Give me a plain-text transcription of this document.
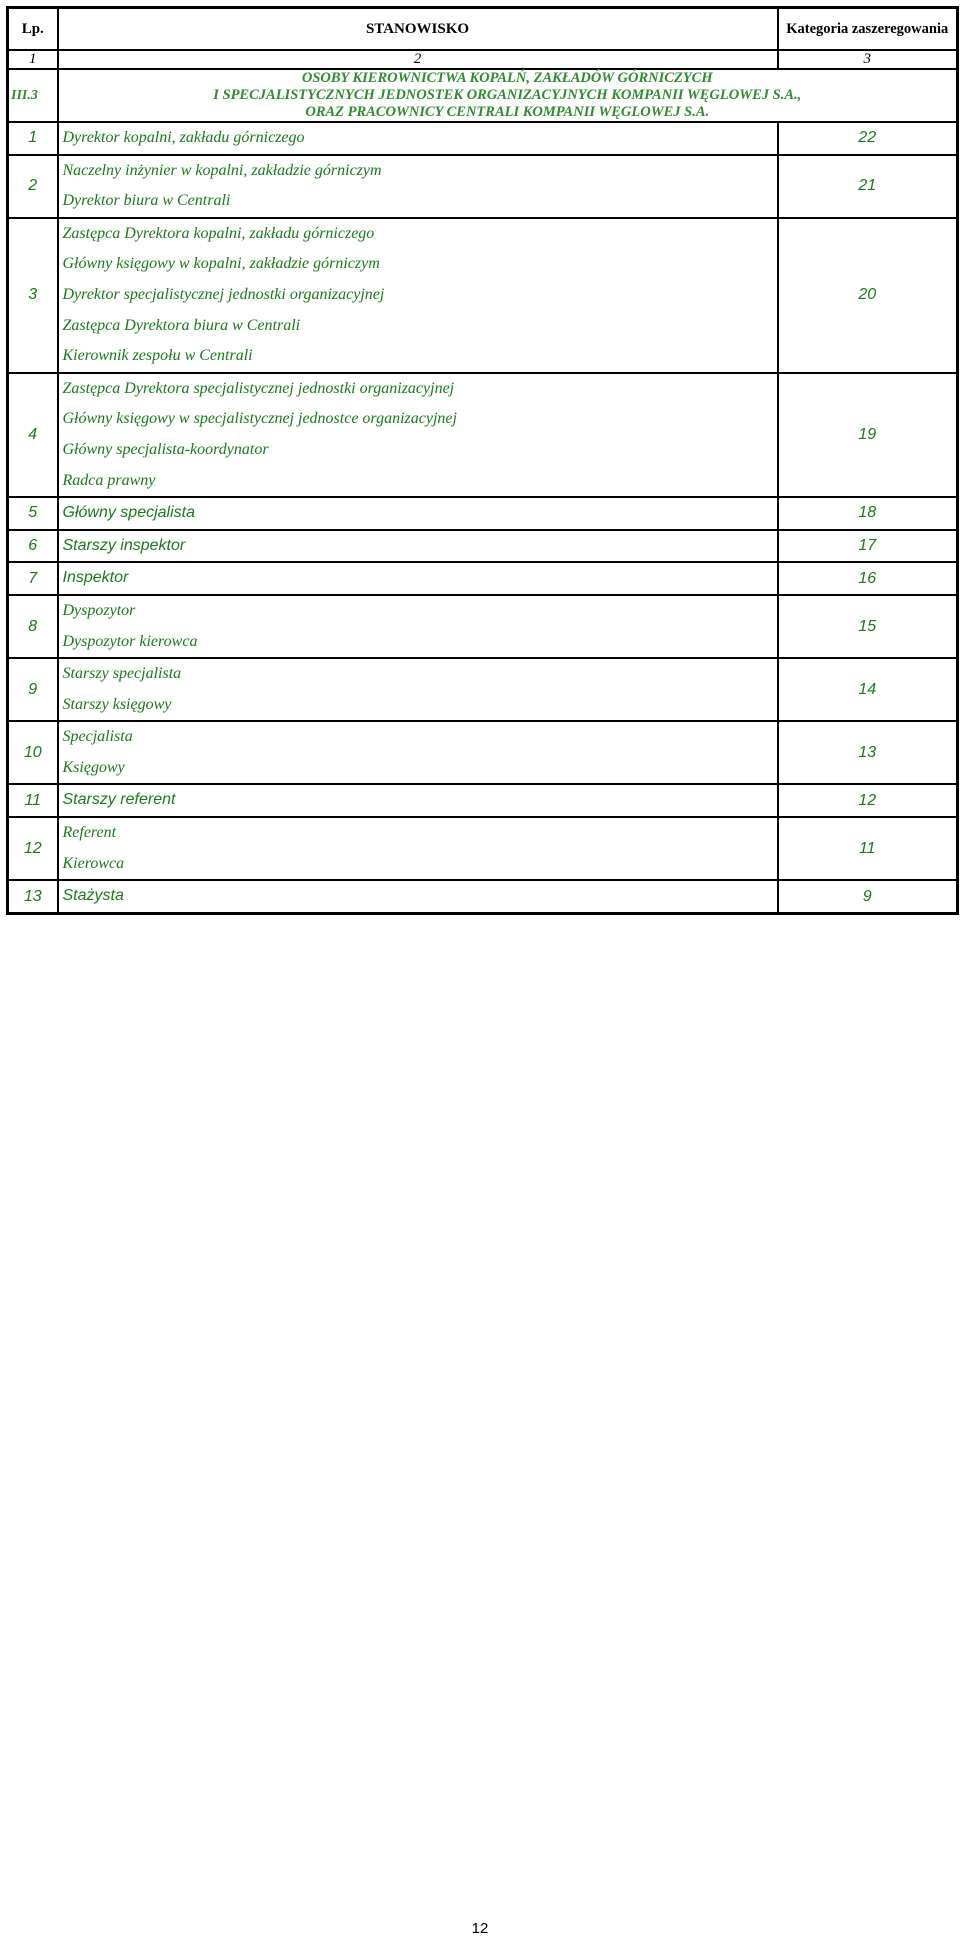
Lp.	STANOWISKO	Kategoria zaszeregowania
1	2	3
III.3	OSOBY KIEROWNICTWA KOPALŃ, ZAKŁADÓW GÓRNICZYCH
I SPECJALISTYCZNYCH JEDNOSTEK ORGANIZACYJNYCH KOMPANII WĘGLOWEJ S.A.,
ORAZ PRACOWNICY CENTRALI KOMPANII WĘGLOWEJ S.A.	

1	Dyrektor kopalni, zakładu górniczego	22
2	Naczelny inżynier w kopalni, zakładzie górniczym
Dyrektor biura w Centrali	21
3	Zastępca Dyrektora kopalni, zakładu górniczego
Główny księgowy w kopalni, zakładzie górniczym
Dyrektor specjalistycznej jednostki organizacyjnej
Zastępca Dyrektora biura w Centrali
Kierownik zespołu w Centrali	20
4	Zastępca Dyrektora specjalistycznej jednostki organizacyjnej
Główny księgowy w specjalistycznej jednostce organizacyjnej
Główny specjalista-koordynator
Radca prawny	19
5	Główny specjalista	18
6	Starszy inspektor	17
7	Inspektor	16
8	Dyspozytor
Dyspozytor kierowca	15
9	Starszy specjalista
Starszy księgowy	14
10	Specjalista
Księgowy	13
11	Starszy referent	12
12	Referent
Kierowca	11
13	Stażysta	9
12
